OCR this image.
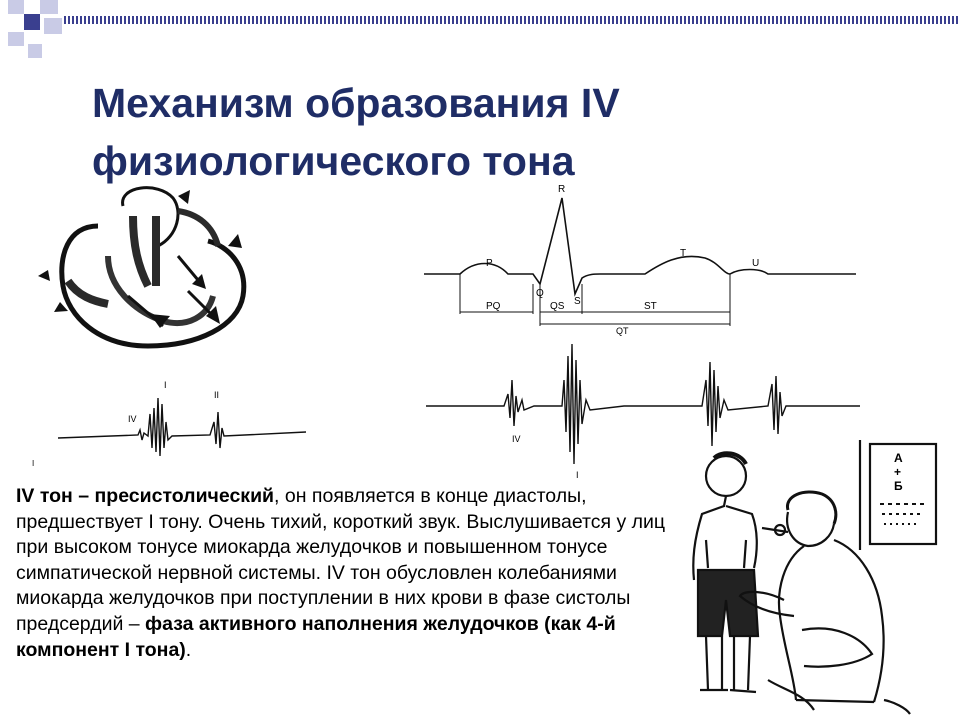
Механизм образования IV
физиологического тона
R
P
Q
S
T
U
PQ	QS	ST
QT
IV
I
II
I
IV
I
А
+
Б

IV тон – пресистолический, он появляется в конце диастолы, предшествует I тону. Очень тихий, короткий звук. Выслушивается у лиц при высоком тонусе миокарда желудочков и повышенном тонусе симпатической нервной системы. IV тон обусловлен колебаниями миокарда желудочков при поступлении в них крови в фазе систолы предсердий – фаза активного наполнения желудочков (как 4-й компонент I тона).
